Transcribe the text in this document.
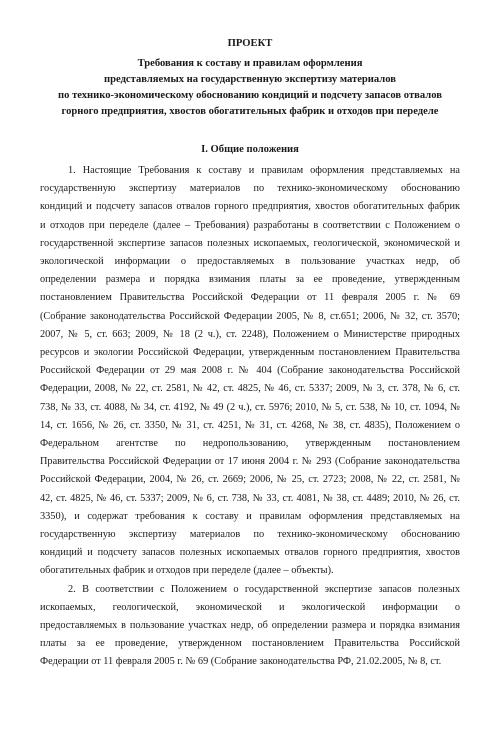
ПРОЕКТ
Требования к составу и правилам оформления
представляемых на государственную экспертизу материалов
по технико-экономическому обоснованию кондиций и подсчету запасов отвалов
горного предприятия, хвостов обогатительных фабрик и отходов при переделе
I. Общие положения

1. Настоящие Требования к составу и правилам оформления представляемых на

государственную экспертизу материалов по технико-экономическому обоснованию

кондиций и подсчету запасов отвалов горного предприятия, хвостов обогатительных фабрик

и отходов при переделе (далее – Требования) разработаны в соответствии с Положением о

государственной экспертизе запасов полезных ископаемых, геологической, экономической и

экологической информации о предоставляемых в пользование участках недр, об

определении размера и порядка взимания платы за ее проведение, утвержденным

постановлением Правительства Российской Федерации от 11 февраля 2005 г. № 69

(Собрание законодательства Российской Федерации 2005, № 8, ст.651; 2006, № 32, ст. 3570;

2007, № 5, ст. 663; 2009, № 18 (2 ч.), ст. 2248), Положением о Министерстве природных

ресурсов и экологии Российской Федерации, утвержденным постановлением Правительства

Российской Федерации от 29 мая 2008 г. № 404 (Собрание законодательства Российской

Федерации, 2008, № 22, ст. 2581, № 42, ст. 4825, № 46, ст. 5337; 2009, № 3, ст. 378, № 6, ст.

738, № 33, ст. 4088, № 34, ст. 4192, № 49 (2 ч.), ст. 5976; 2010, № 5, ст. 538, № 10, ст. 1094, №

14, ст. 1656, № 26, ст. 3350, № 31, ст. 4251, № 31, ст. 4268, № 38, ст. 4835), Положением о

Федеральном агентстве по недропользованию, утвержденным постановлением

Правительства Российской Федерации от 17 июня 2004 г. № 293 (Собрание законодательства

Российской Федерации, 2004, № 26, ст. 2669; 2006, № 25, ст. 2723; 2008, № 22, ст. 2581, №

42, ст. 4825, № 46, ст. 5337; 2009, № 6, ст. 738, № 33, ст. 4081, № 38, ст. 4489; 2010, № 26, ст.

3350), и содержат требования к составу и правилам оформления представляемых на

государственную экспертизу материалов по технико-экономическому обоснованию

кондиций и подсчету запасов полезных ископаемых отвалов горного предприятия, хвостов

обогатительных фабрик и отходов при переделе (далее – объекты).

2. В соответствии с Положением о государственной экспертизе запасов полезных

ископаемых, геологической, экономической и экологической информации о

предоставляемых в пользование участках недр, об определении размера и порядка взимания

платы за ее проведение, утвержденном постановлением Правительства Российской

Федерации от 11 февраля 2005 г. № 69 (Собрание законодательства РФ, 21.02.2005, № 8, ст.
